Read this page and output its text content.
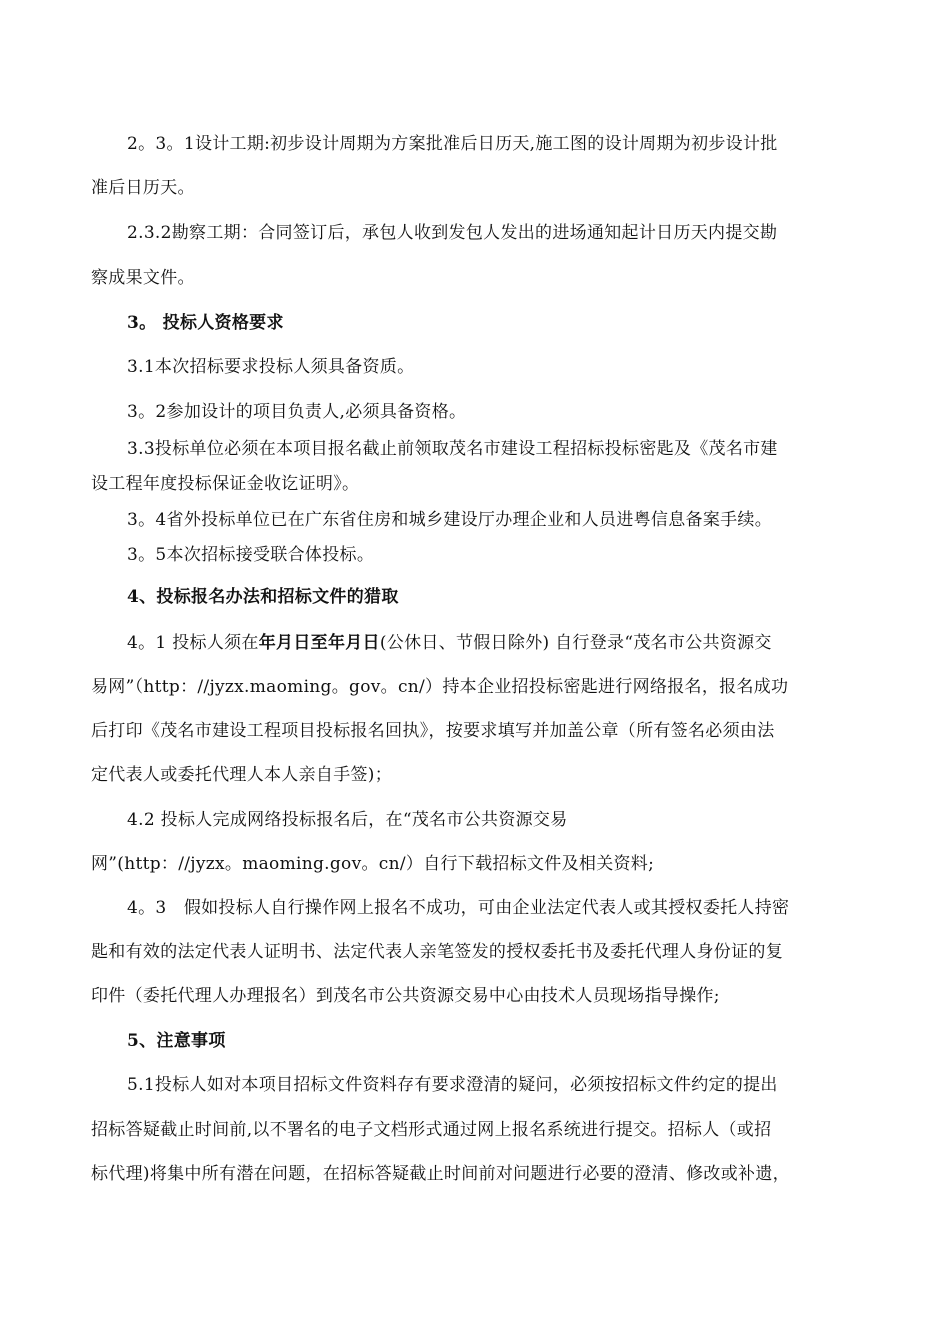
2。3。1设计工期:初步设计周期为方案批准后日历天,施工图的设计周期为初步设计批
准后日历天。
2.3.2勘察工期：合同签订后，承包人收到发包人发出的进场通知起计日历天内提交勘
察成果文件。
3。 投标人资格要求
3.1本次招标要求投标人须具备资质。
3。2参加设计的项目负责人,必须具备资格。
3.3投标单位必须在本项目报名截止前领取茂名市建设工程招标投标密匙及《茂名市建
设工程年度投标保证金收讫证明》。
3。4省外投标单位已在广东省住房和城乡建设厅办理企业和人员进粤信息备案手续。
3。5本次招标接受联合体投标。
4、投标报名办法和招标文件的猎取
4。1 投标人须在年月日至年月日(公休日、节假日除外) 自行登录“茂名市公共资源交
易网”（http：//jyzx.maoming。gov。cn/）持本企业招投标密匙进行网络报名，报名成功
后打印《茂名市建设工程项目投标报名回执》，按要求填写并加盖公章（所有签名必须由法
定代表人或委托代理人本人亲自手签)；
4.2 投标人完成网络投标报名后，在“茂名市公共资源交易
网”(http：//jyzx。maoming.gov。cn/）自行下载招标文件及相关资料;
4。3　假如投标人自行操作网上报名不成功，可由企业法定代表人或其授权委托人持密
匙和有效的法定代表人证明书、法定代表人亲笔签发的授权委托书及委托代理人身份证的复
印件（委托代理人办理报名）到茂名市公共资源交易中心由技术人员现场指导操作;
5、注意事项
5.1投标人如对本项目招标文件资料存有要求澄清的疑问，必须按招标文件约定的提出
招标答疑截止时间前,以不署名的电子文档形式通过网上报名系统进行提交。招标人（或招
标代理)将集中所有潜在问题，在招标答疑截止时间前对问题进行必要的澄清、修改或补遗，
